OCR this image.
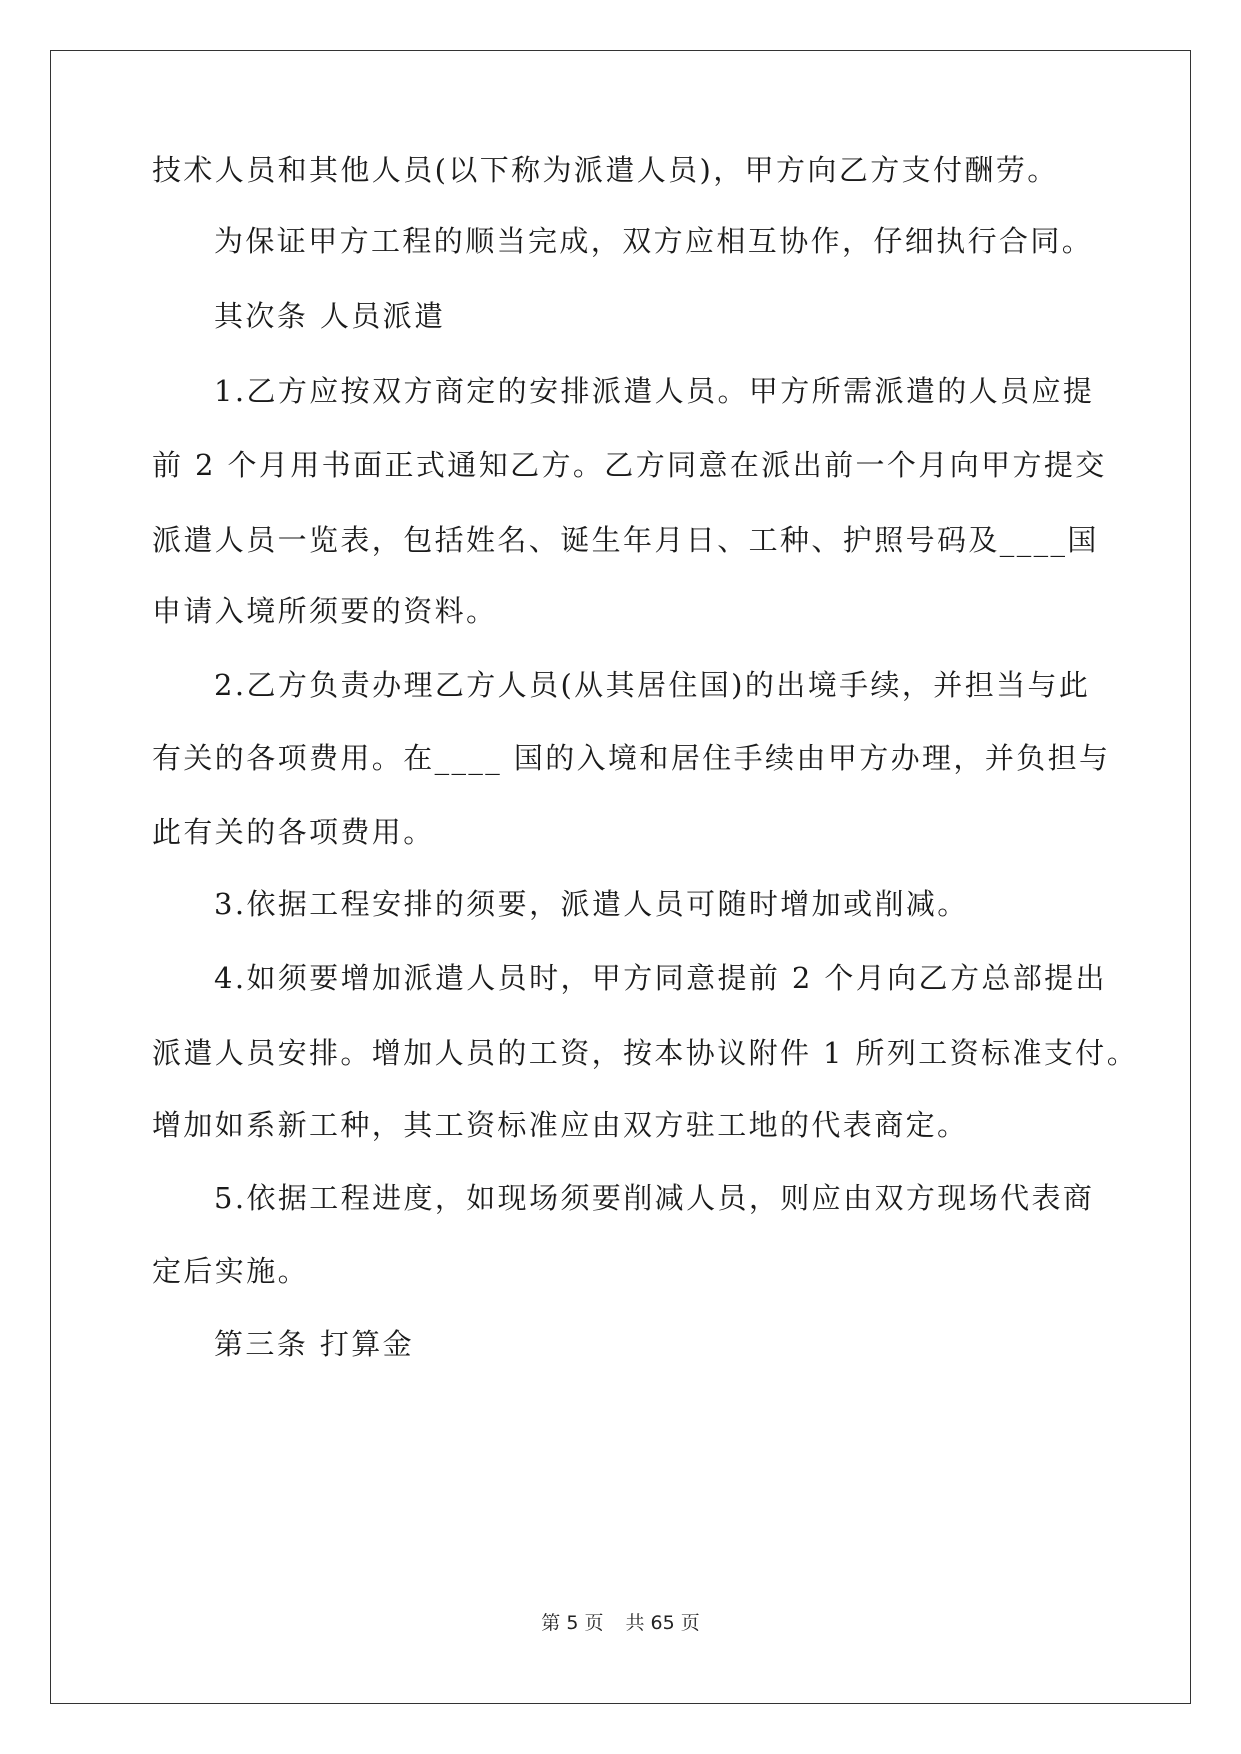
技术人员和其他人员(以下称为派遣人员)，甲方向乙方支付酬劳。
为保证甲方工程的顺当完成，双方应相互协作，仔细执行合同。
其次条 人员派遣
1.乙方应按双方商定的安排派遣人员。甲方所需派遣的人员应提
前 2 个月用书面正式通知乙方。乙方同意在派出前一个月向甲方提交
派遣人员一览表，包括姓名、诞生年月日、工种、护照号码及____国
申请入境所须要的资料。
2.乙方负责办理乙方人员(从其居住国)的出境手续，并担当与此
有关的各项费用。在____ 国的入境和居住手续由甲方办理，并负担与
此有关的各项费用。
3.依据工程安排的须要，派遣人员可随时增加或削减。
4.如须要增加派遣人员时，甲方同意提前 2 个月向乙方总部提出
派遣人员安排。增加人员的工资，按本协议附件 1 所列工资标准支付。
增加如系新工种，其工资标准应由双方驻工地的代表商定。
5.依据工程进度，如现场须要削减人员，则应由双方现场代表商
定后实施。
第三条 打算金
第 5 页 共 65 页
